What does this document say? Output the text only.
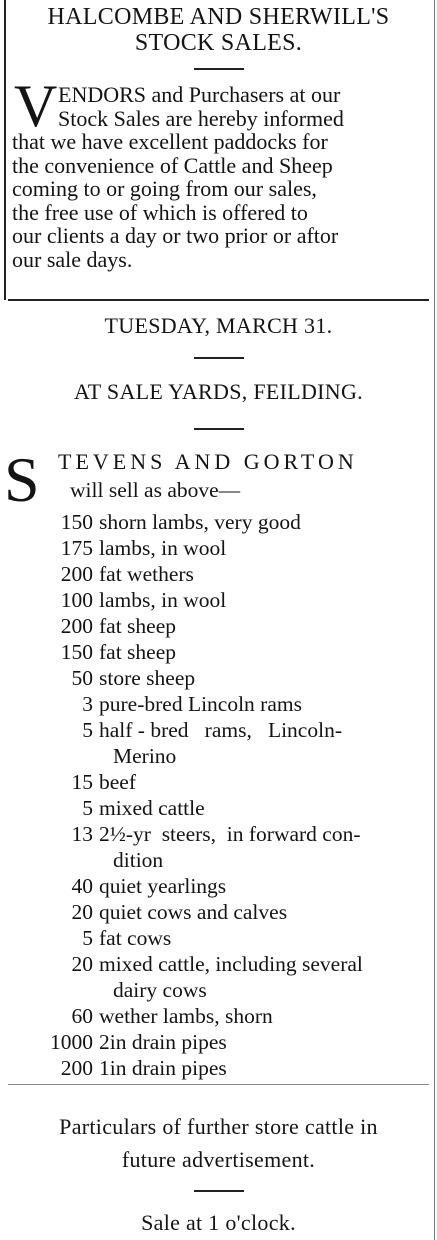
HALCOMBE AND SHERWILL'S
STOCK SALES.
V ENDORS and Purchasers at our
Stock Sales are hereby informed
that we have excellent paddocks for
the convenience of Cattle and Sheep
coming to or going from our sales,
the free use of which is offered to
our clients a day or two prior or aftor
our sale days.
TUESDAY, MARCH 31.
AT SALE YARDS, FEILDING.
S TEVENS AND GORTON
will sell as above—
150 shorn lambs, very good
175 lambs, in wool
200 fat wethers
100 lambs, in wool
200 fat sheep
150 fat sheep
50 store sheep
3 pure-bred Lincoln rams
5 half - bred   rams,   Lincoln-
Merino
15 beef
5 mixed cattle
13 2½-yr  steers,  in forward con-
dition
40 quiet yearlings
20 quiet cows and calves
5 fat cows
20 mixed cattle, including several
dairy cows
60 wether lambs, shorn
1000 2in drain pipes
200 1in drain pipes
Particulars of further store cattle in
future advertisement.
Sale at 1 o'clock.
